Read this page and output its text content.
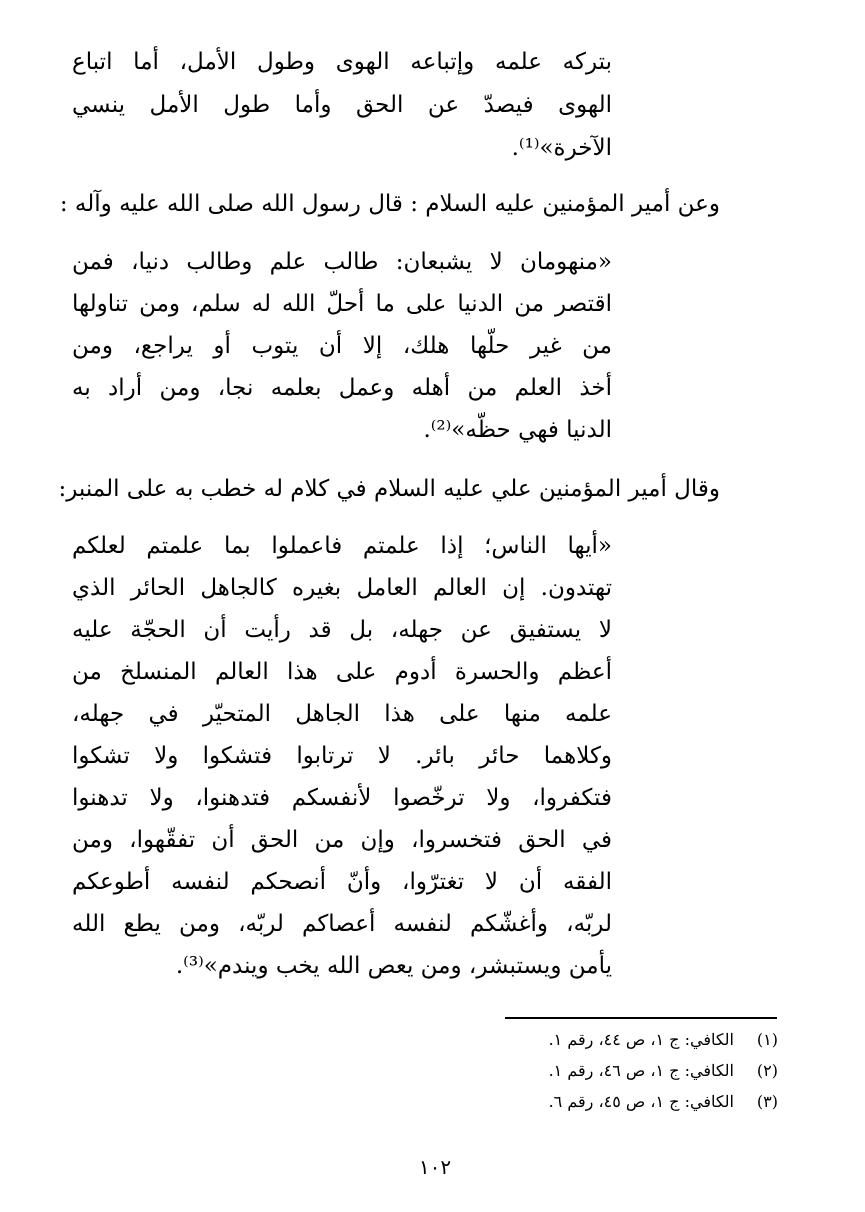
بتركه علمه وإتباعه الهوى وطول الأمل، أما اتباع
الهوى فيصدّ عن الحق وأما طول الأمل ينسي
الآخرة»⁽¹⁾.
وعن أمير المؤمنين عليه السلام : قال رسول الله صلى الله عليه وآله :
«منهومان لا يشبعان: طالب علم وطالب دنيا، فمن
اقتصر من الدنيا على ما أحلّ الله له سلم، ومن تناولها
من غير حلّها هلك، إلا أن يتوب أو يراجع، ومن
أخذ العلم من أهله وعمل بعلمه نجا، ومن أراد به
الدنيا فهي حظّه»⁽²⁾.
وقال أمير المؤمنين علي عليه السلام في كلام له خطب به على المنبر:
«أيها الناس؛ إذا علمتم فاعملوا بما علمتم لعلكم
تهتدون. إن العالم العامل بغيره كالجاهل الحائر الذي
لا يستفيق عن جهله، بل قد رأيت أن الحجّة عليه
أعظم والحسرة أدوم على هذا العالم المنسلخ من
علمه منها على هذا الجاهل المتحيّر في جهله،
وكلاهما حائر بائر. لا ترتابوا فتشكوا ولا تشكوا
فتكفروا، ولا ترخّصوا لأنفسكم فتدهنوا، ولا تدهنوا
في الحق فتخسروا، وإن من الحق أن تفقّهوا، ومن
الفقه أن لا تغترّوا، وأنّ أنصحكم لنفسه أطوعكم
لربّه، وأغشّكم لنفسه أعصاكم لربّه، ومن يطع الله
يأمن ويستبشر، ومن يعص الله يخب ويندم»⁽³⁾.
(١)الكافي: ج ١، ص ٤٤، رقم ١.
(٢)الكافي: ج ١، ص ٤٦، رقم ١.
(٣)الكافي: ج ١، ص ٤٥، رقم ٦.
١٠٢
